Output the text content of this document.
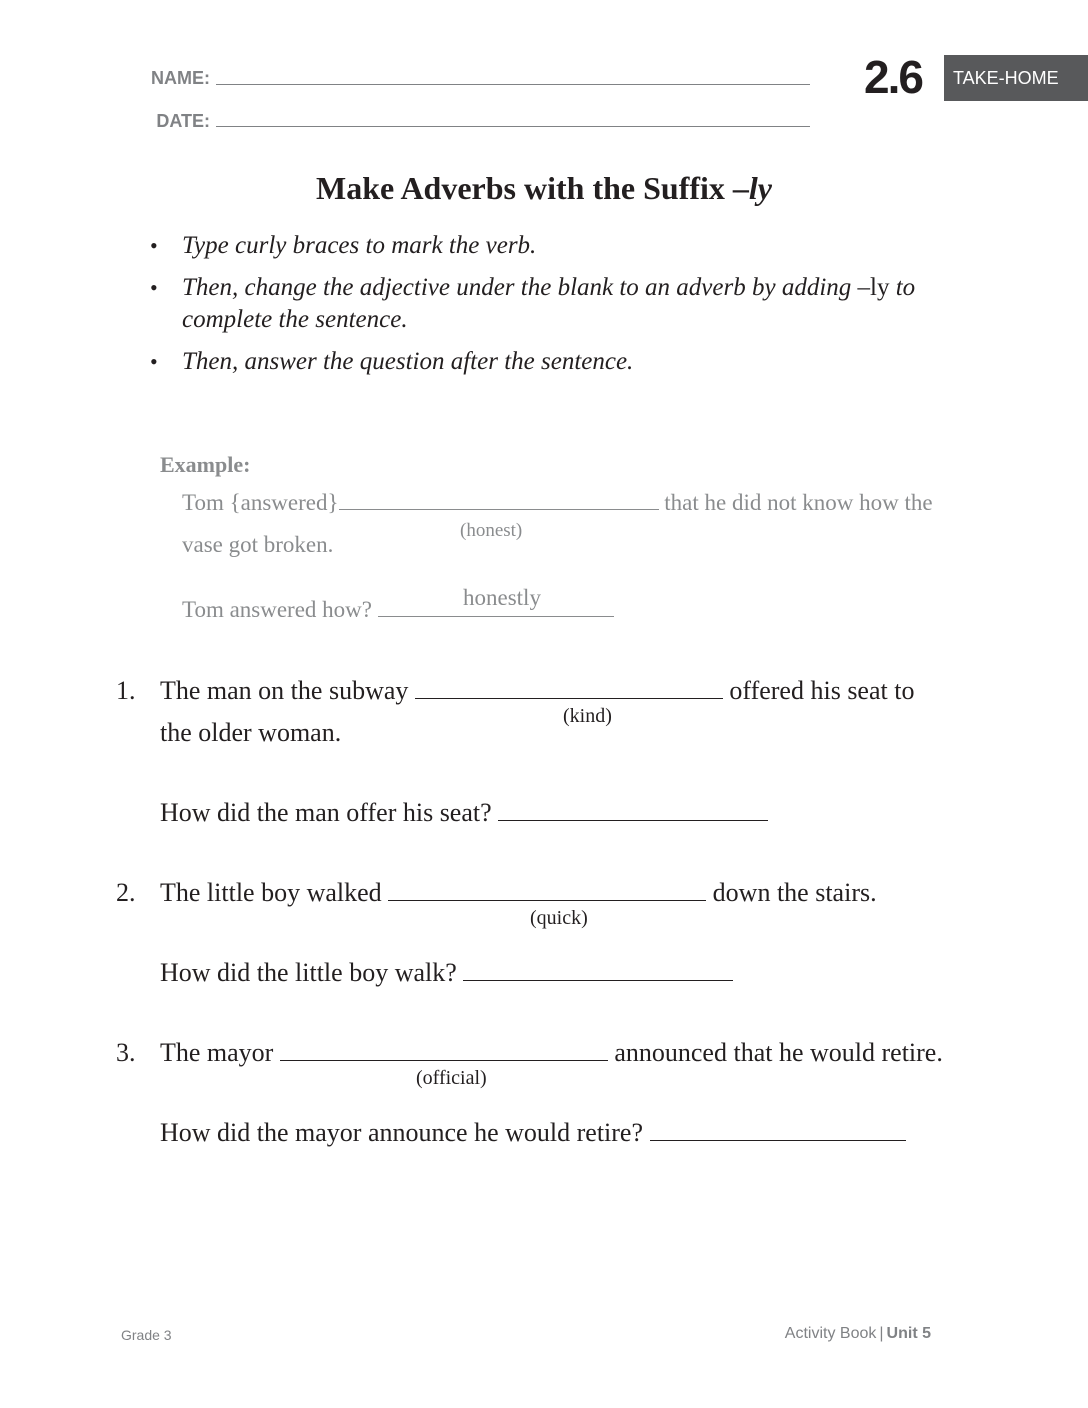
NAME:
DATE:
2.6	TAKE-HOME
Make Adverbs with the Suffix –ly
• Type curly braces to mark the verb.
• Then, change the adjective under the blank to an adverb by adding –ly to complete the sentence.
• Then, answer the question after the sentence.
Example:
Tom {answered}	that he did not know how the
(honest)
vase got broken.
Tom answered how?	honestly
1. The man on the subway	offered his seat to
(kind)
the older woman.
How did the man offer his seat?
2. The little boy walked	down the stairs.
(quick)
How did the little boy walk?
3. The mayor	announced that he would retire.
(official)
How did the mayor announce he would retire?
Grade 3	Activity Book | Unit 5
